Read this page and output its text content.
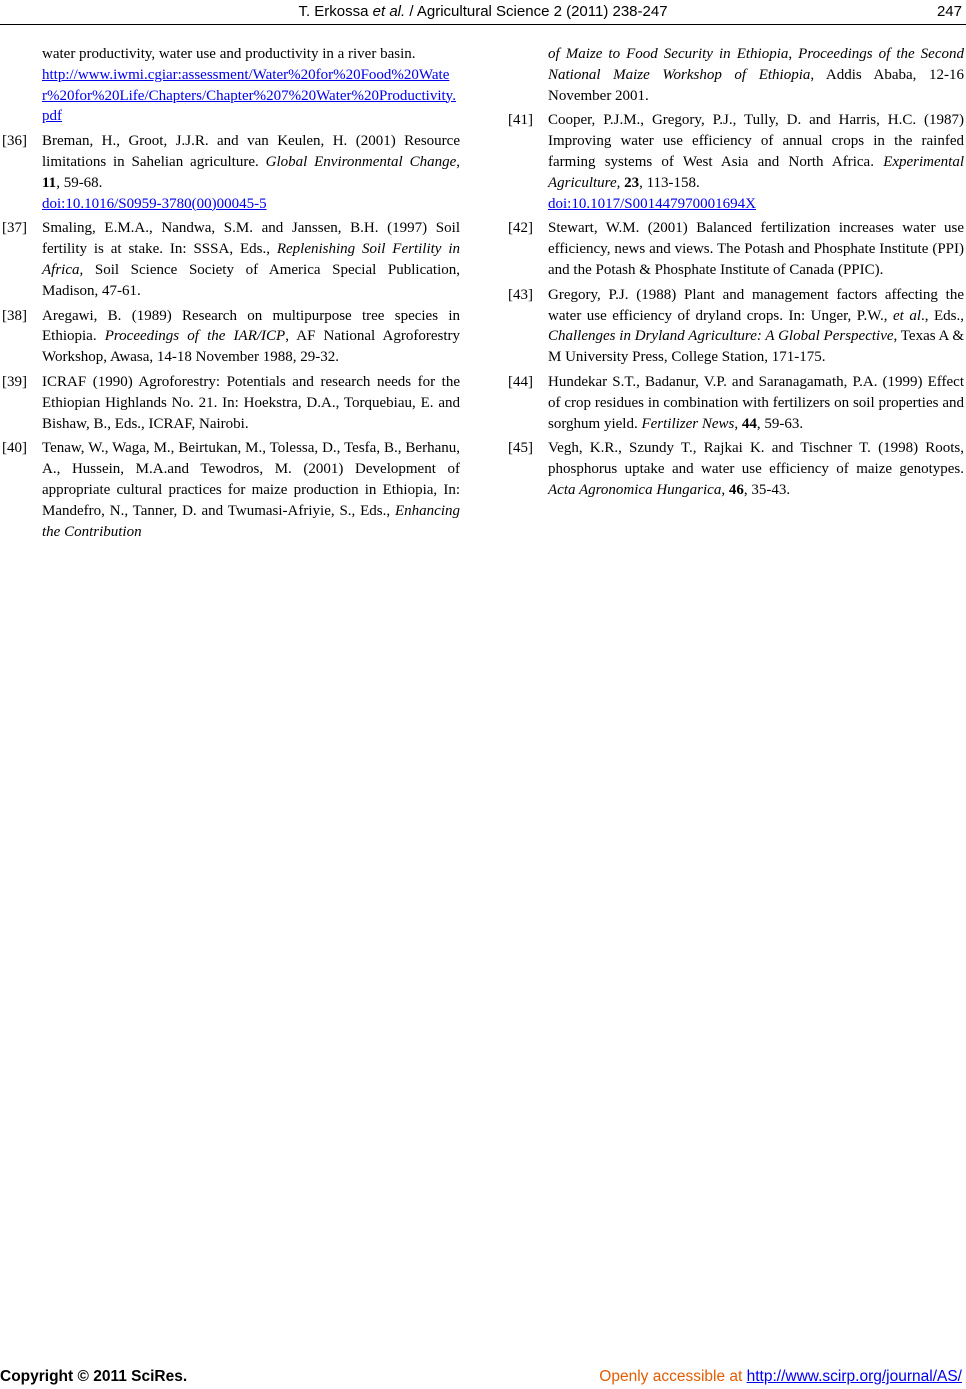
T. Erkossa et al. / Agricultural Science 2 (2011) 238-247	247
water productivity, water use and productivity in a river basin.
http://www.iwmi.cgiar:assessment/Water%20for%20Food%20Water%20for%20Life/Chapters/Chapter%207%20Water%20Productivity.pdf
[36] Breman, H., Groot, J.J.R. and van Keulen, H. (2001) Resource limitations in Sahelian agriculture. Global Environmental Change, 11, 59-68.
doi:10.1016/S0959-3780(00)00045-5
[37] Smaling, E.M.A., Nandwa, S.M. and Janssen, B.H. (1997) Soil fertility is at stake. In: SSSA, Eds., Replenishing Soil Fertility in Africa, Soil Science Society of America Special Publication, Madison, 47-61.
[38] Aregawi, B. (1989) Research on multipurpose tree species in Ethiopia. Proceedings of the IAR/ICP, AF National Agroforestry Workshop, Awasa, 14-18 November 1988, 29-32.
[39] ICRAF (1990) Agroforestry: Potentials and research needs for the Ethiopian Highlands No. 21. In: Hoekstra, D.A., Torquebiau, E. and Bishaw, B., Eds., ICRAF, Nairobi.
[40] Tenaw, W., Waga, M., Beirtukan, M., Tolessa, D., Tesfa, B., Berhanu, A., Hussein, M.A.and Tewodros, M. (2001) Development of appropriate cultural practices for maize production in Ethiopia, In: Mandefro, N., Tanner, D. and Twumasi-Afriyie, S., Eds., Enhancing the Contribution
of Maize to Food Security in Ethiopia, Proceedings of the Second National Maize Workshop of Ethiopia, Addis Ababa, 12-16 November 2001.
[41] Cooper, P.J.M., Gregory, P.J., Tully, D. and Harris, H.C. (1987) Improving water use efficiency of annual crops in the rainfed farming systems of West Asia and North Africa. Experimental Agriculture, 23, 113-158.
doi:10.1017/S001447970001694X
[42] Stewart, W.M. (2001) Balanced fertilization increases water use efficiency, news and views. The Potash and Phosphate Institute (PPI) and the Potash & Phosphate Institute of Canada (PPIC).
[43] Gregory, P.J. (1988) Plant and management factors affecting the water use efficiency of dryland crops. In: Unger, P.W., et al., Eds., Challenges in Dryland Agriculture: A Global Perspective, Texas A & M University Press, College Station, 171-175.
[44] Hundekar S.T., Badanur, V.P. and Saranagamath, P.A. (1999) Effect of crop residues in combination with fertilizers on soil properties and sorghum yield. Fertilizer News, 44, 59-63.
[45] Vegh, K.R., Szundy T., Rajkai K. and Tischner T. (1998) Roots, phosphorus uptake and water use efficiency of maize genotypes. Acta Agronomica Hungarica, 46, 35-43.
Copyright © 2011 SciRes.	Openly accessible at http://www.scirp.org/journal/AS/
